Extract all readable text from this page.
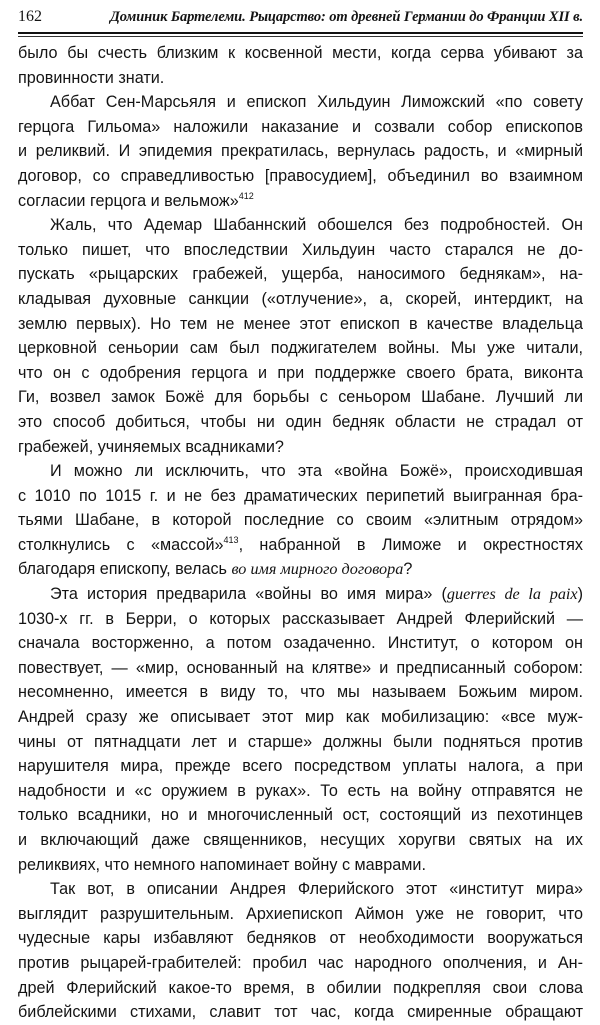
162	Доминик Бартелеми. Рыцарство: от древней Германии до Франции XII в.

было бы счесть близким к косвенной мести, когда серва убивают за
провинности знати.

Аббат Сен-Марсьяля и епископ Хильдуин Лиможский «по совету
герцога Гильома» наложили наказание и созвали собор епископов
и реликвий. И эпидемия прекратилась, вернулась радость, и «мирный
договор, со справедливостью [правосудием], объединил во взаимном
согласии герцога и вельмож»$^{412}$

Жаль, что Адемар Шабаннский обошелся без подробностей. Он
только пишет, что впоследствии Хильдуин часто старался не до-
пускать «рыцарских грабежей, ущерба, наносимого беднякам», на-
кладывая духовные санкции («отлучение», а, скорей, интердикт, на
землю первых). Но тем не менее этот епископ в качестве владельца
церковной сеньории сам был поджигателем войны. Мы уже читали,
что он с одобрения герцога и при поддержке своего брата, виконта
Ги, возвел замок Божё для борьбы с сеньором Шабане. Лучший ли
это способ добиться, чтобы ни один бедняк области не страдал от
грабежей, учиняемых всадниками?

И можно ли исключить, что эта «война Божё», происходившая
с 1010 по 1015 г. и не без драматических перипетий выигранная бра-
тьями Шабане, в которой последние со своим «элитным отрядом»
столкнулись с «массой»$^{413}$, набранной в Лиможе и окрестностях
благодаря епископу, велась во имя мирного договора?

Эта история предварила «войны во имя мира» (guerres de la paix)
1030-х гг. в Берри, о которых рассказывает Андрей Флерийский —
сначала восторженно, а потом озадаченно. Институт, о котором он
повествует, — «мир, основанный на клятве» и предписанный собором:
несомненно, имеется в виду то, что мы называем Божьим миром.
Андрей сразу же описывает этот мир как мобилизацию: «все муж-
чины от пятнадцати лет и старше» должны были подняться против
нарушителя мира, прежде всего посредством уплаты налога, а при
надобности и «с оружием в руках». То есть на войну отправятся не
только всадники, но и многочисленный ост, состоящий из пехотинцев
и включающий даже священников, несущих хоругви святых на их
реликвиях, что немного напоминает войну с маврами.

Так вот, в описании Андрея Флерийского этот «институт мира»
выглядит разрушительным. Архиепископ Аймон уже не говорит, что
чудесные кары избавляют бедняков от необходимости вооружаться
против рыцарей-грабителей: пробил час народного ополчения, и Ан-
дрей Флерийский какое-то время, в обилии подкрепляя свои слова
библейскими стихами, славит тот час, когда смиренные обращают
